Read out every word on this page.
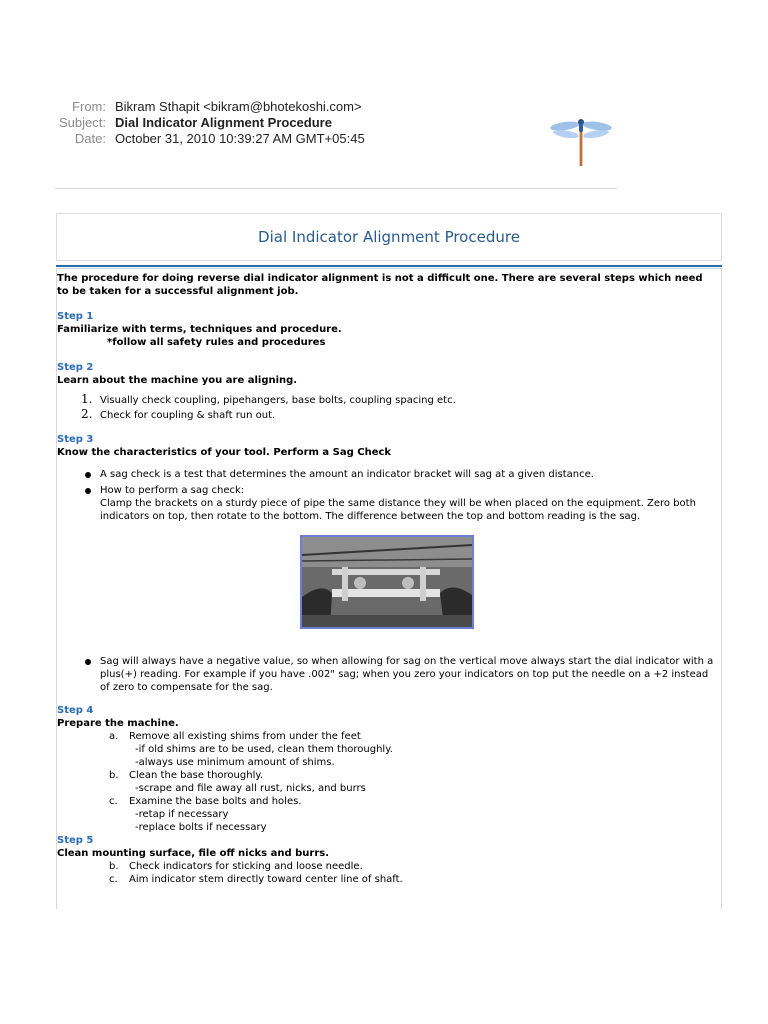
From: Bikram Sthapit <bikram@bhotekoshi.com>
Subject: Dial Indicator Alignment Procedure
Date: October 31, 2010 10:39:27 AM GMT+05:45
Dial Indicator Alignment Procedure
The procedure for doing reverse dial indicator alignment is not a difficult one. There are several steps which need to be taken for a successful alignment job.
Step 1
Familiarize with terms, techniques and procedure.
*follow all safety rules and procedures
Step 2
Learn about the machine you are aligning.
1. Visually check coupling, pipehangers, base bolts, coupling spacing etc.
2. Check for coupling & shaft run out.
Step 3
Know the characteristics of your tool. Perform a Sag Check
A sag check is a test that determines the amount an indicator bracket will sag at a given distance.
How to perform a sag check:
Clamp the brackets on a sturdy piece of pipe the same distance they will be when placed on the equipment. Zero both indicators on top, then rotate to the bottom. The difference between the top and bottom reading is the sag.
Sag will always have a negative value, so when allowing for sag on the vertical move always start the dial indicator with a plus(+) reading. For example if you have .002" sag; when you zero your indicators on top put the needle on a +2 instead of zero to compensate for the sag.
Step 4
Prepare the machine.
a. Remove all existing shims from under the feet
-if old shims are to be used, clean them thoroughly.
-always use minimum amount of shims.
b. Clean the base thoroughly.
-scrape and file away all rust, nicks, and burrs
c. Examine the base bolts and holes.
-retap if necessary
-replace bolts if necessary
Step 5
Clean mounting surface, file off nicks and burrs.
b. Check indicators for sticking and loose needle.
c. Aim indicator stem directly toward center line of shaft.
